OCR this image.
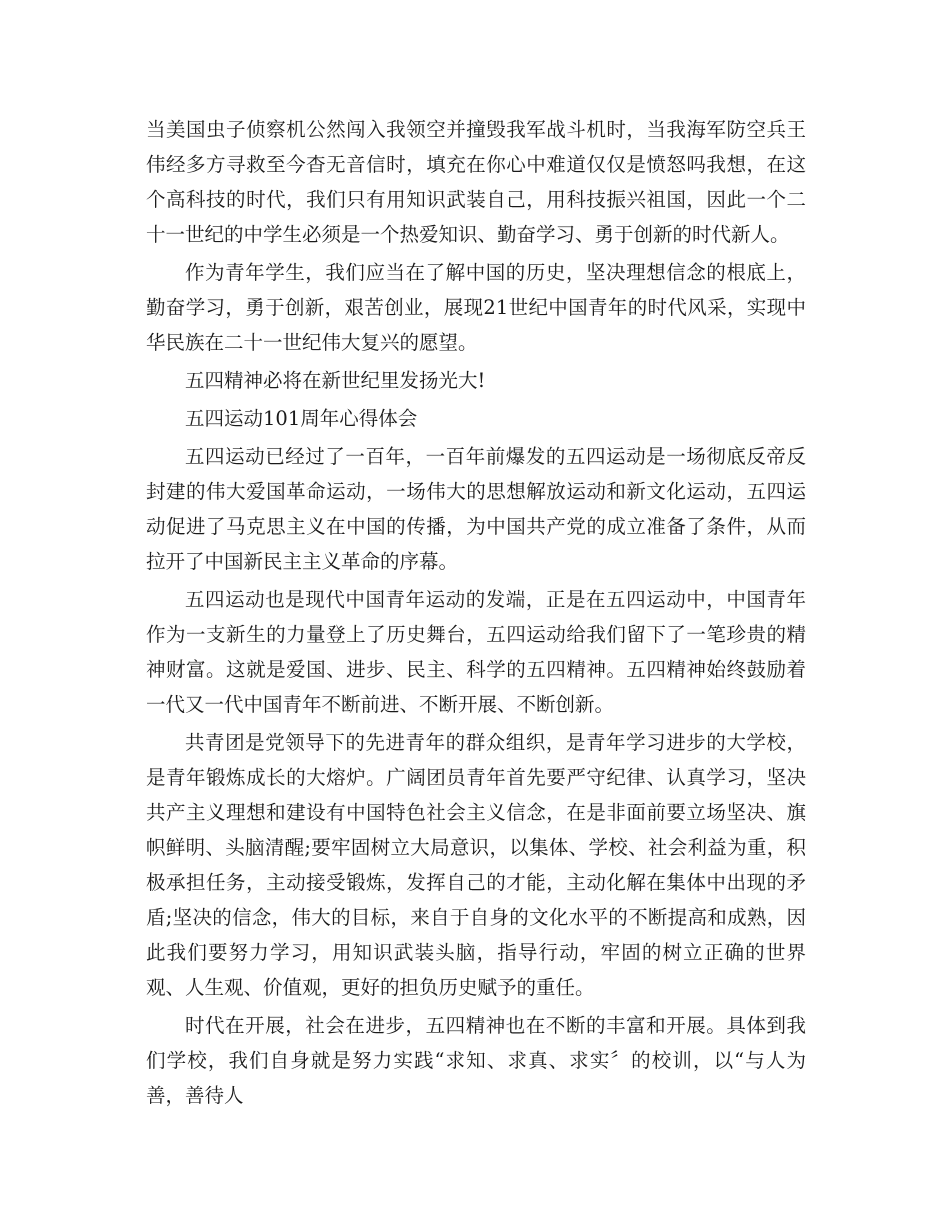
当美国虫子侦察机公然闯入我领空并撞毁我军战斗机时，当我海军防空兵王伟经多方寻救至今杳无音信时，填充在你心中难道仅仅是愤怒吗我想，在这个高科技的时代，我们只有用知识武装自己，用科技振兴祖国，因此一个二十一世纪的中学生必须是一个热爱知识、勤奋学习、勇于创新的时代新人。

作为青年学生，我们应当在了解中国的历史，坚决理想信念的根底上，勤奋学习，勇于创新，艰苦创业，展现21世纪中国青年的时代风采，实现中华民族在二十一世纪伟大复兴的愿望。

五四精神必将在新世纪里发扬光大!

五四运动101周年心得体会

五四运动已经过了一百年，一百年前爆发的五四运动是一场彻底反帝反封建的伟大爱国革命运动，一场伟大的思想解放运动和新文化运动，五四运动促进了马克思主义在中国的传播，为中国共产党的成立准备了条件，从而拉开了中国新民主主义革命的序幕。

五四运动也是现代中国青年运动的发端，正是在五四运动中，中国青年作为一支新生的力量登上了历史舞台，五四运动给我们留下了一笔珍贵的精神财富。这就是爱国、进步、民主、科学的五四精神。五四精神始终鼓励着一代又一代中国青年不断前进、不断开展、不断创新。

共青团是党领导下的先进青年的群众组织，是青年学习进步的大学校，是青年锻炼成长的大熔炉。广阔团员青年首先要严守纪律、认真学习，坚决共产主义理想和建设有中国特色社会主义信念，在是非面前要立场坚决、旗帜鲜明、头脑清醒;要牢固树立大局意识，以集体、学校、社会利益为重，积极承担任务，主动接受锻炼，发挥自己的才能，主动化解在集体中出现的矛盾;坚决的信念，伟大的目标，来自于自身的文化水平的不断提高和成熟，因此我们要努力学习，用知识武装头脑，指导行动，牢固的树立正确的世界观、人生观、价值观，更好的担负历史赋予的重任。

时代在开展，社会在进步，五四精神也在不断的丰富和开展。具体到我们学校，我们自身就是努力实践“求知、求真、求实〞的校训，以“与人为善，善待人
